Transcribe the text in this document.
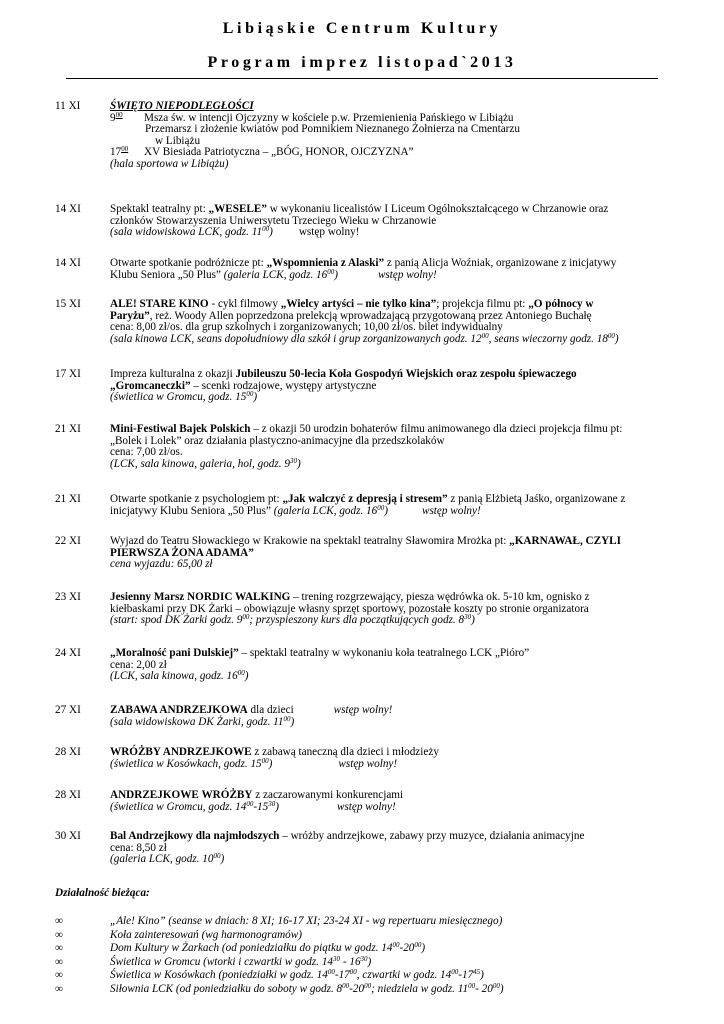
Libiąskie Centrum Kultury
Program imprez listopad`2013
11 XI	ŚWIĘTO NIEPODLEGŁOŚCI
$9^{00}$ Msza św. w intencji Ojczyzny w kościele p.w. Przemienienia Pańskiego w Libiążu
Przemarsz i złożenie kwiatów pod Pomnikiem Nieznanego Żołnierza na Cmentarzu
w Libiążu
$17^{00}$ XV Biesiada Patriotyczna – „BÓG, HONOR, OJCZYZNA”
(hala sportowa w Libiążu)
14 XI	Spektakl teatralny pt: „WESELE” w wykonaniu licealistów I Liceum Ogólnokształcącego w Chrzanowie oraz
członków Stowarzyszenia Uniwersytetu Trzeciego Wieku w Chrzanowie
(sala widowiskowa LCK, godz. $11^{00}$) wstęp wolny!
14 XI	Otwarte spotkanie podróżnicze pt: „Wspomnienia z Alaski” z panią Alicja Woźniak, organizowane z inicjatywy
Klubu Seniora „50 Plus” (galeria LCK, godz. $16^{00}$)	wstęp wolny!
15 XI	ALE! STARE KINO - cykl filmowy „Wielcy artyści – nie tylko kina”; projekcja filmu pt: „O północy w
Paryżu”, reż. Woody Allen poprzedzona prelekcją wprowadzającą przygotowaną przez Antoniego Buchałę
cena: 8,00 zł/os. dla grup szkolnych i zorganizowanych; 10,00 zł/os. bilet indywidualny
(sala kinowa LCK, seans dopołudniowy dla szkół i grup zorganizowanych godz. $12^{00}$, seans wieczorny godz. $18^{00}$)
17 XI	Impreza kulturalna z okazji Jubileuszu 50-lecia Koła Gospodyń Wiejskich oraz zespołu śpiewaczego
„Gromcaneczki” – scenki rodzajowe, występy artystyczne
(świetlica w Gromcu, godz. $15^{00}$)
21 XI	Mini-Festiwal Bajek Polskich – z okazji 50 urodzin bohaterów filmu animowanego dla dzieci projekcja filmu pt:
„Bolek i Lolek” oraz działania plastyczno-animacyjne dla przedszkolaków
cena: 7,00 zł/os.
(LCK, sala kinowa, galeria, hol, godz. $9^{30}$)
21 XI	Otwarte spotkanie z psychologiem pt: „Jak walczyć z depresją i stresem” z panią Elżbietą Jaśko, organizowane z
inicjatywy Klubu Seniora „50 Plus” (galeria LCK, godz. $16^{00}$)	wstęp wolny!
22 XI	Wyjazd do Teatru Słowackiego w Krakowie na spektakl teatralny Sławomira Mrożka pt: „KARNAWAŁ, CZYLI
PIERWSZA ŻONA ADAMA”
cena wyjazdu: 65,00 zł
23 XI	Jesienny Marsz NORDIC WALKING – trening rozgrzewający, piesza wędrówka ok. 5-10 km, ognisko z
kiełbaskami przy DK Żarki – obowiązuje własny sprzęt sportowy, pozostałe koszty po stronie organizatora
(start: spod DK Żarki godz. $9^{00}$; przyspieszony kurs dla początkujących godz. $8^{30}$)
24 XI	„Moralność pani Dulskiej” – spektakl teatralny w wykonaniu koła teatralnego LCK „Pióro”
cena: 2,00 zł
(LCK, sala kinowa, godz. $16^{00}$)
27 XI	ZABAWA ANDRZEJKOWA dla dzieci	wstęp wolny!
(sala widowiskowa DK Żarki, godz. $11^{00}$)
28 XI	WRÓŻBY ANDRZEJKOWE z zabawą taneczną dla dzieci i młodzieży
(świetlica w Kosówkach, godz. $15^{00}$)	wstęp wolny!
28 XI	ANDRZEJKOWE WRÓŻBY z zaczarowanymi konkurencjami
(świetlica w Gromcu, godz. $14^{00}-15^{30}$)	wstęp wolny!
30 XI	Bal Andrzejkowy dla najmłodszych – wróżby andrzejkowe, zabawy przy muzyce, działania animacyjne
cena: 8,50 zł
(galeria LCK, godz. $10^{00}$)
Działalność bieżąca:
∞	„Ale! Kino” (seanse w dniach: 8 XI; 16-17 XI; 23-24 XI - wg repertuaru miesięcznego)
∞	Koła zainteresowań (wg harmonogramów)
∞	Dom Kultury w Żarkach (od poniedziałku do piątku w godz. $14^{00}-20^{00}$)
∞	Świetlica w Gromcu (wtorki i czwartki w godz. $14^{30} - 16^{30}$)
∞	Świetlica w Kosówkach (poniedziałki w godz. $14^{00}-17^{00}$, czwartki w godz. $14^{00}-17^{45}$)
∞	Siłownia LCK (od poniedziałku do soboty w godz. $8^{00}-20^{00}$; niedziela w godz. $11^{00}-$ $20^{00}$)
